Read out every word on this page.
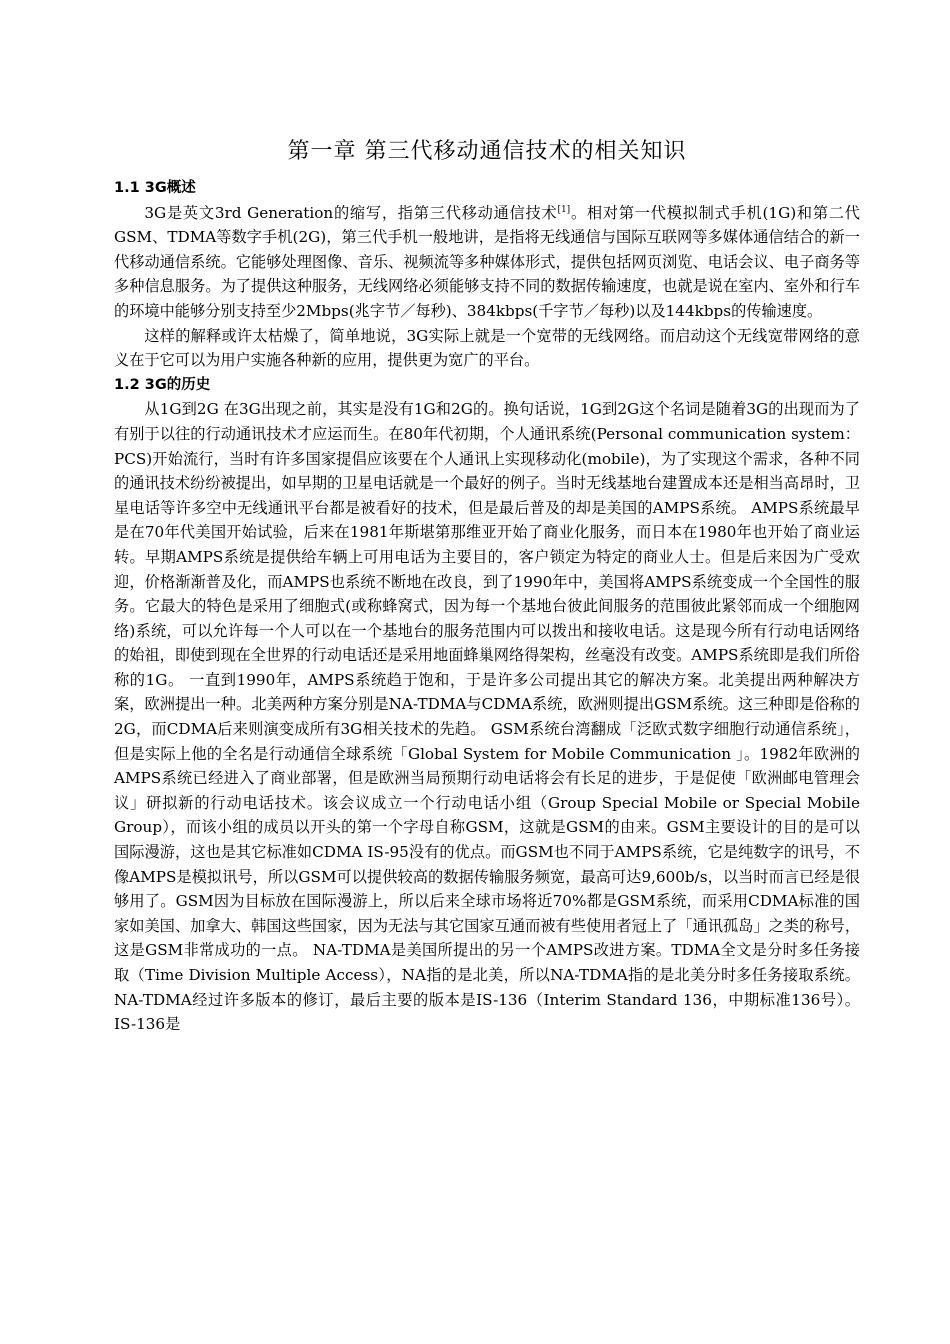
第一章 第三代移动通信技术的相关知识
1.1 3G概述

3G是英文3rd Generation的缩写，指第三代移动通信技术[1]。相对第一代模拟制式手机(1G)和第二代GSM、TDMA等数字手机(2G)，第三代手机一般地讲，是指将无线通信与国际互联网等多媒体通信结合的新一代移动通信系统。它能够处理图像、音乐、视频流等多种媒体形式，提供包括网页浏览、电话会议、电子商务等多种信息服务。为了提供这种服务，无线网络必须能够支持不同的数据传输速度，也就是说在室内、室外和行车的环境中能够分别支持至少2Mbps(兆字节／每秒)、384kbps(千字节／每秒)以及144kbps的传输速度。

这样的解释或许太枯燥了，简单地说，3G实际上就是一个宽带的无线网络。而启动这个无线宽带网络的意义在于它可以为用户实施各种新的应用，提供更为宽广的平台。

1.2 3G的历史

从1G到2G 在3G出现之前，其实是没有1G和2G的。换句话说，1G到2G这个名词是随着3G的出现而为了有别于以往的行动通讯技术才应运而生。在80年代初期，个人通讯系统(Personal communication system：PCS)开始流行，当时有许多国家提倡应该要在个人通讯上实现移动化(mobile)，为了实现这个需求，各种不同的通讯技术纷纷被提出，如早期的卫星电话就是一个最好的例子。当时无线基地台建置成本还是相当高昂时，卫星电话等许多空中无线通讯平台都是被看好的技术，但是最后普及的却是美国的AMPS系统。 AMPS系统最早是在70年代美国开始试验，后来在1981年斯堪第那维亚开始了商业化服务，而日本在1980年也开始了商业运转。早期AMPS系统是提供给车辆上可用电话为主要目的，客户锁定为特定的商业人士。但是后来因为广受欢迎，价格渐渐普及化，而AMPS也系统不断地在改良，到了1990年中，美国将AMPS系统变成一个全国性的服务。它最大的特色是采用了细胞式(或称蜂窝式，因为每一个基地台彼此间服务的范围彼此紧邻而成一个细胞网络)系统，可以允许每一个人可以在一个基地台的服务范围内可以拨出和接收电话。这是现今所有行动电话网络的始祖，即使到现在全世界的行动电话还是采用地面蜂巢网络得架构，丝毫没有改变。AMPS系统即是我们所俗称的1G。 一直到1990年，AMPS系统趋于饱和，于是许多公司提出其它的解决方案。北美提出两种解决方案，欧洲提出一种。北美两种方案分别是NA-TDMA与CDMA系统，欧洲则提出GSM系统。这三种即是俗称的2G，而CDMA后来则演变成所有3G相关技术的先趋。 GSM系统台湾翻成「泛欧式数字细胞行动通信系统」，但是实际上他的全名是行动通信全球系统「Global System for Mobile Communication 」。1982年欧洲的AMPS系统已经进入了商业部署，但是欧洲当局预期行动电话将会有长足的进步，于是促使「欧洲邮电管理会议」研拟新的行动电话技术。该会议成立一个行动电话小组（Group Special Mobile or Special Mobile Group），而该小组的成员以开头的第一个字母自称GSM，这就是GSM的由来。GSM主要设计的目的是可以国际漫游，这也是其它标准如CDMA IS-95没有的优点。而GSM也不同于AMPS系统，它是纯数字的讯号，不像AMPS是模拟讯号，所以GSM可以提供较高的数据传输服务频宽，最高可达9,600b/s，以当时而言已经是很够用了。GSM因为目标放在国际漫游上，所以后来全球市场将近70%都是GSM系统，而采用CDMA标准的国家如美国、加拿大、韩国这些国家，因为无法与其它国家互通而被有些使用者冠上了「通讯孤岛」之类的称号，这是GSM非常成功的一点。 NA-TDMA是美国所提出的另一个AMPS改进方案。TDMA全文是分时多任务接取（Time Division Multiple Access），NA指的是北美，所以NA-TDMA指的是北美分时多任务接取系统。NA-TDMA经过许多版本的修订，最后主要的版本是IS-136（Interim Standard 136，中期标准136号）。IS-136是
